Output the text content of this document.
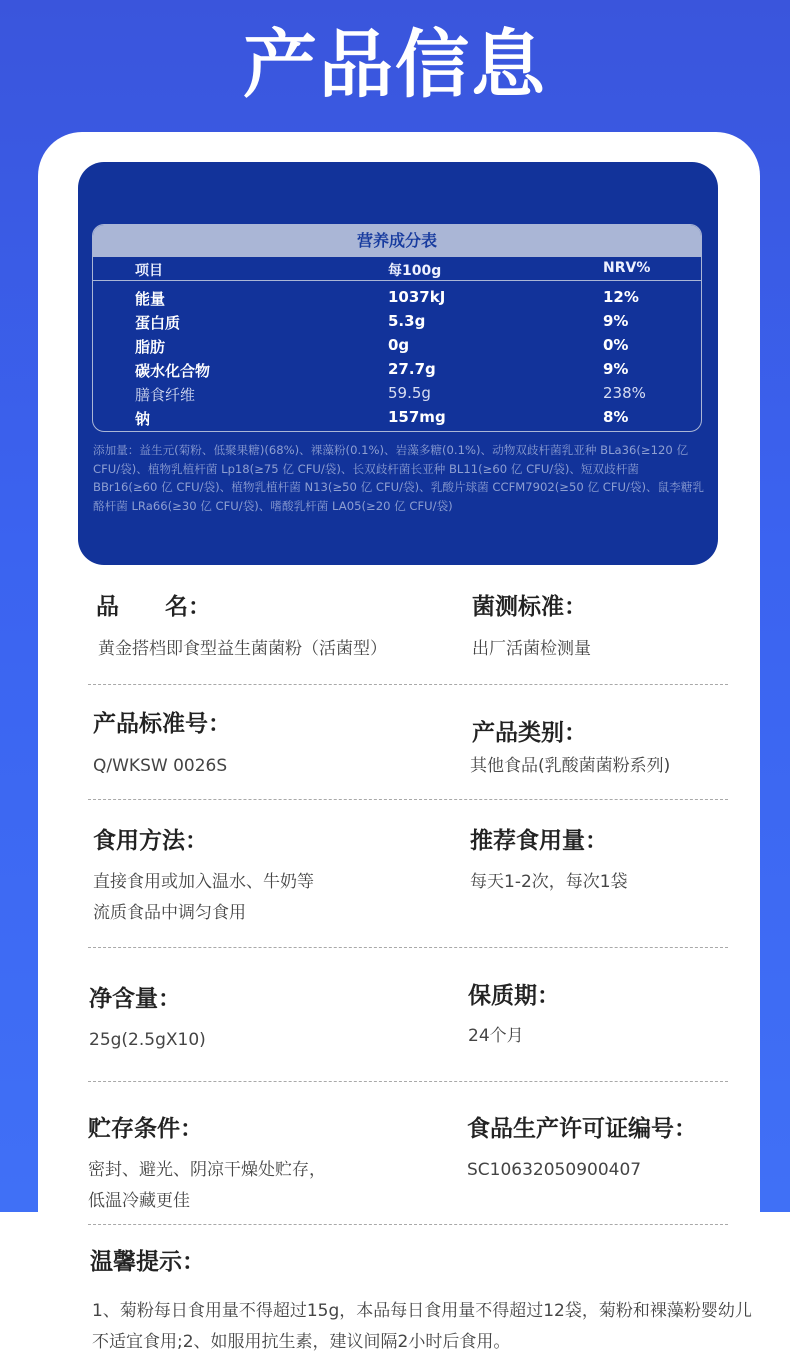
产品信息
营养成分表
项目	每100g	NRV%
能量	1037kJ	12%
蛋白质	5.3g	9%
脂肪	0g	0%
碳水化合物	27.7g	9%
膳食纤维	59.5g	238%
钠	157mg	8%
添加量：益生元(菊粉、低聚果糖)(68%)、裸藻粉(0.1%)、岩藻多糖(0.1%)、动物双歧杆菌乳亚种 BLa36(≥120 亿 CFU/袋)、植物乳植杆菌 Lp18(≥75 亿 CFU/袋)、长双歧杆菌长亚种 BL11(≥60 亿 CFU/袋)、短双歧杆菌 BBr16(≥60 亿 CFU/袋)、植物乳植杆菌 N13(≥50 亿 CFU/袋)、乳酸片球菌 CCFM7902(≥50 亿 CFU/袋)、鼠李糖乳酪杆菌 LRa66(≥30 亿 CFU/袋)、嗜酸乳杆菌 LA05(≥20 亿 CFU/袋)
品　　名：
黄金搭档即食型益生菌菌粉（活菌型）
菌测标准：
出厂活菌检测量
产品标准号：
Q/WKSW 0026S
产品类别：
其他食品(乳酸菌菌粉系列)
食用方法：
直接食用或加入温水、牛奶等
流质食品中调匀食用
推荐食用量：
每天1-2次，每次1袋
净含量：
25g(2.5gX10)
保质期：
24个月
贮存条件：
密封、避光、阴凉干燥处贮存，
低温冷藏更佳
食品生产许可证编号：
SC10632050900407
温馨提示：
1、菊粉每日食用量不得超过15g，本品每日食用量不得超过12袋，菊粉和裸藻粉婴幼儿不适宜食用;2、如服用抗生素，建议间隔2小时后食用。
